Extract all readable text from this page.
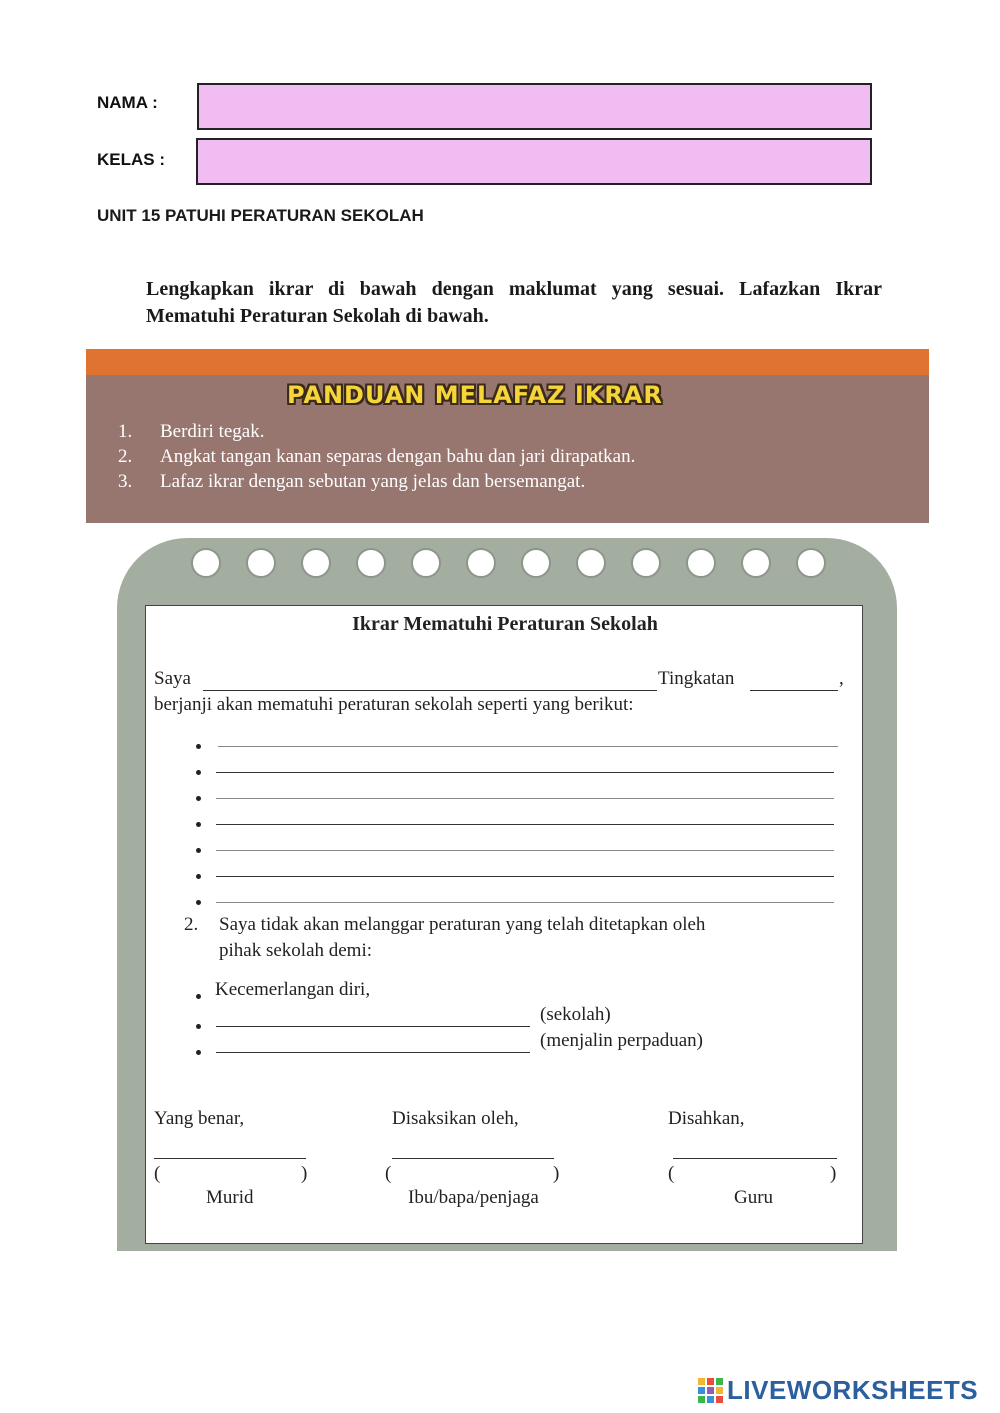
NAMA :
KELAS :
UNIT 15 PATUHI PERATURAN SEKOLAH
Lengkapkan ikrar di bawah dengan maklumat yang sesuai. Lafazkan Ikrar Mematuhi Peraturan Sekolah di bawah.
PANDUAN MELAFAZ IKRAR
1. Berdiri tegak.
2. Angkat tangan kanan separas dengan bahu dan jari dirapatkan.
3. Lafaz ikrar dengan sebutan yang jelas dan bersemangat.
Ikrar Mematuhi Peraturan Sekolah
Saya	Tingkatan	,
berjanji akan mematuhi peraturan sekolah seperti yang berikut:
2. Saya tidak akan melanggar peraturan yang telah ditetapkan oleh
pihak sekolah demi:
Kecemerlangan diri,
(sekolah)
(menjalin perpaduan)
Yang benar,
(	)
Murid
Disaksikan oleh,
(	)
Ibu/bapa/penjaga
Disahkan,
(	)
Guru
LIVEWORKSHEETS
